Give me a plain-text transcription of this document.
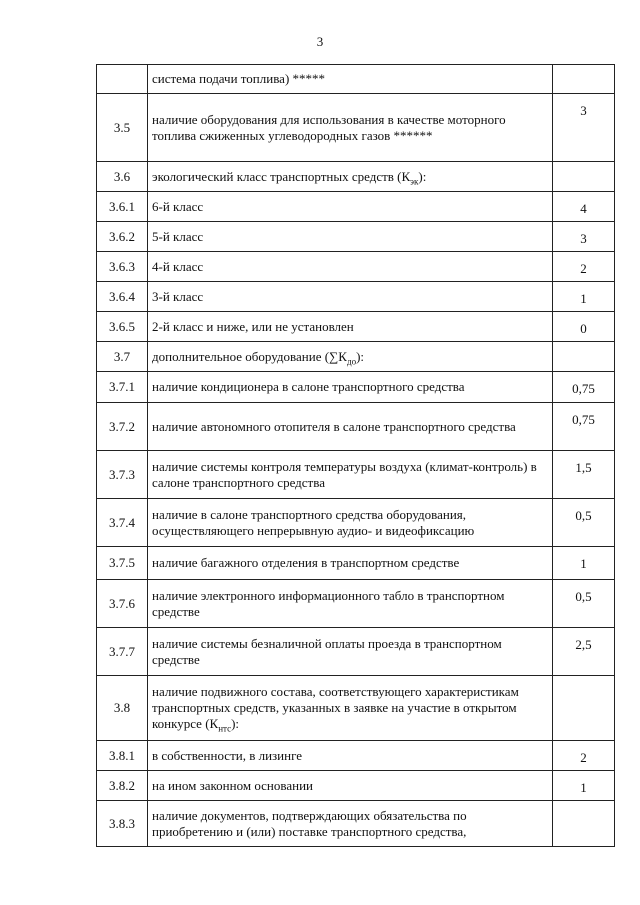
3
	система подачи топлива) *****	
3.5	наличие оборудования для использования в качестве моторного топлива сжиженных углеводородных газов ******	3
3.6	экологический класс транспортных средств $(К_{эк})$:	
3.6.1	6-й класс	4
3.6.2	5-й класс	3
3.6.3	4-й класс	2
3.6.4	3-й класс	1
3.6.5	2-й класс и ниже, или не установлен	0
3.7	дополнительное оборудование $(\sum К_{до})$:	
3.7.1	наличие кондиционера в салоне транспортного средства	0,75
3.7.2	наличие автономного отопителя в салоне транспортного средства	0,75
3.7.3	наличие системы контроля температуры воздуха (климат-контроль) в салоне транспортного средства	1,5
3.7.4	наличие в салоне транспортного средства оборудования, осуществляющего непрерывную аудио- и видеофиксацию	0,5
3.7.5	наличие багажного отделения в транспортном средстве	1
3.7.6	наличие электронного информационного табло в транспортном средстве	0,5
3.7.7	наличие системы безналичной оплаты проезда в транспортном средстве	2,5
3.8	наличие подвижного состава, соответствующего характеристикам транспортных средств, указанных в заявке на участие в открытом конкурсе $(К_{нтс})$:	
3.8.1	в собственности, в лизинге	2
3.8.2	на ином законном основании	1
3.8.3	наличие документов, подтверждающих обязательства по приобретению и (или) поставке транспортного средства,	
